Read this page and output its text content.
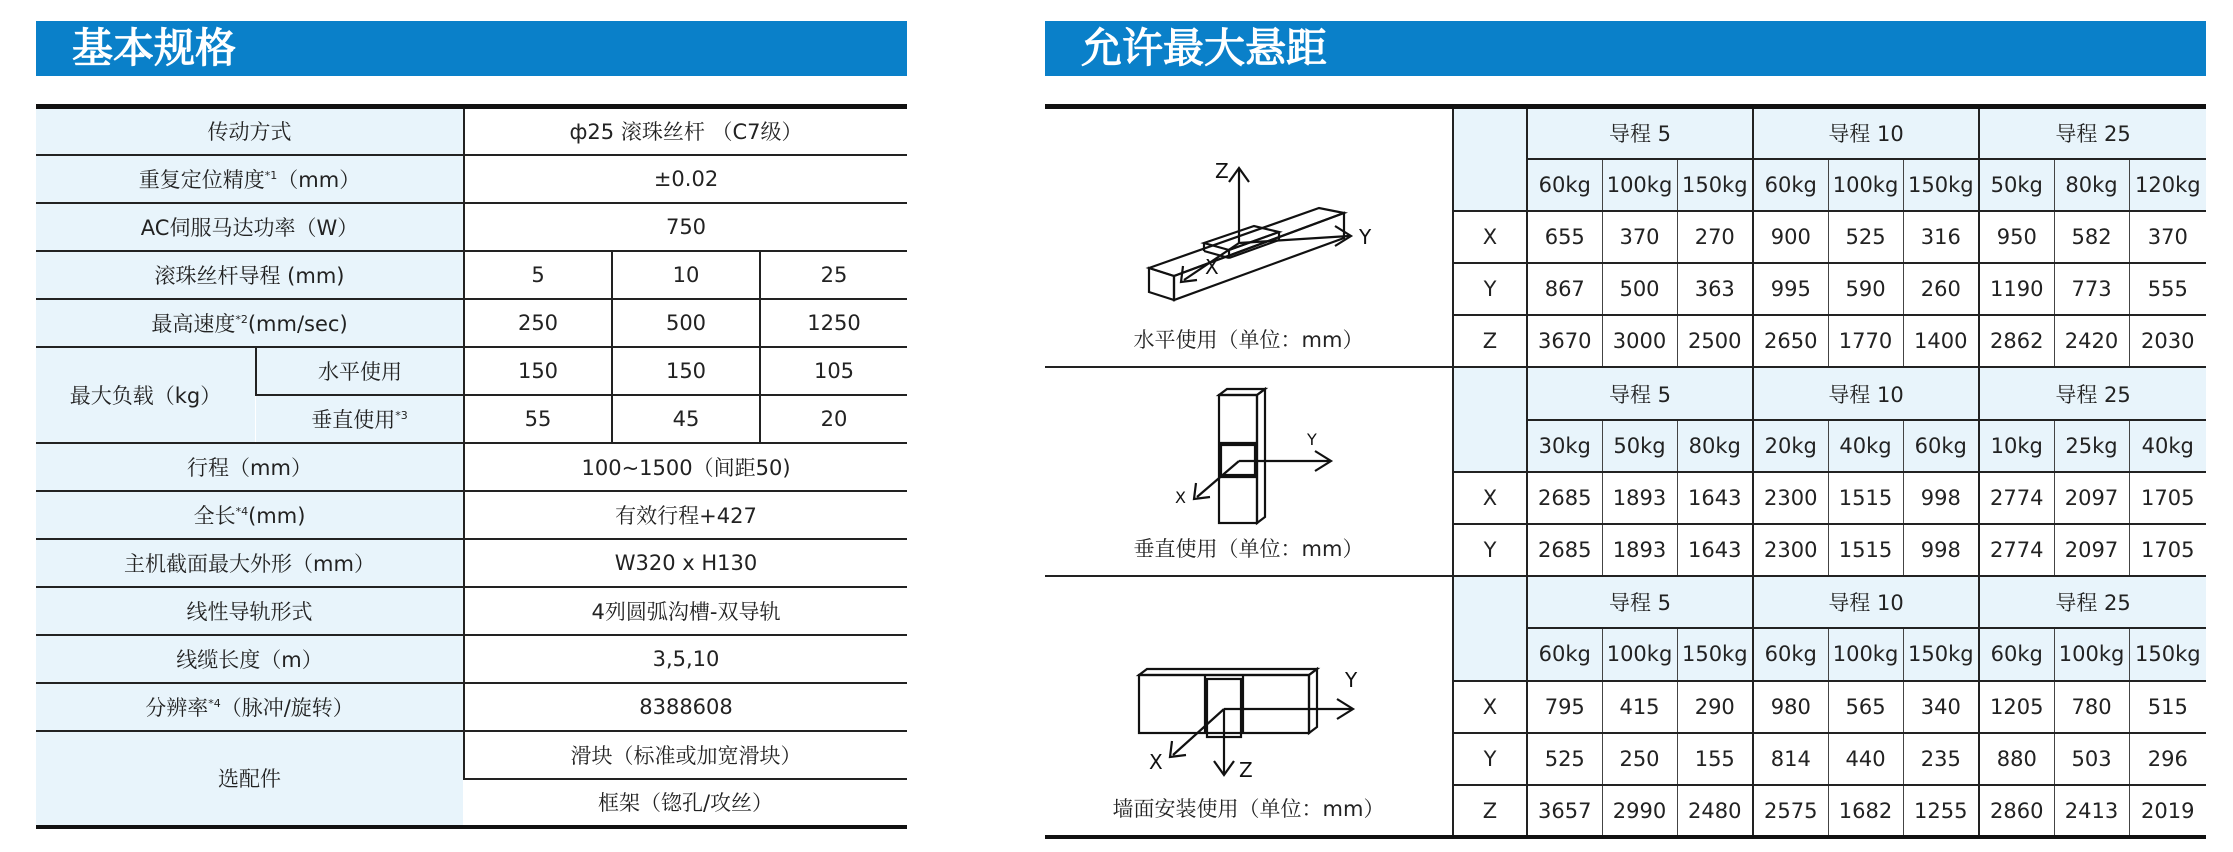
基本规格
传动方式		ф25 滚珠丝杆 （C7级）		
重复定位精度$^{*1}$（mm）		±0.02		
AC伺服马达功率（W）		750		
滚珠丝杆导程 (mm)		5	10	25
最高速度$^{*2}$(mm/sec)		250	500	1250
最大负载（kg）	水平使用	150	150	105
	垂直使用$^{*3}$	55	45	20
行程（mm）		100~1500（间距50)		
全长$^{*4}$(mm)		有效行程+427		
主机截面最大外形（mm）		W320 x H130		
线性导轨形式		4列圆弧沟槽-双导轨		
线缆长度（m）		3,5,10		
分辨率$^{*4}$（脉冲/旋转）		8388608		
选配件		滑块（标准或加宽滑块）		
		框架（锪孔/攻丝）		
允许最大悬距
Z
Y
X
水平使用（单位：mm）		导程 5			导程 10			导程 25		
		60kg	100kg	150kg	60kg	100kg	150kg	50kg	80kg	120kg
	X	655	370	270	900	525	316	950	582	370
	Y	867	500	363	995	590	260	1190	773	555
	Z	3670	3000	2500	2650	1770	1400	2862	2420	2030

Y
X
垂直使用（单位：mm）		导程 5			导程 10			导程 25		
		30kg	50kg	80kg	20kg	40kg	60kg	10kg	25kg	40kg
	X	2685	1893	1643	2300	1515	998	2774	2097	1705
	Y	2685	1893	1643	2300	1515	998	2774	2097	1705

Y
X Z
墙面安装使用（单位：mm）		导程 5			导程 10			导程 25		
		60kg	100kg	150kg	60kg	100kg	150kg	60kg	100kg	150kg
	X	795	415	290	980	565	340	1205	780	515
	Y	525	250	155	814	440	235	880	503	296
	Z	3657	2990	2480	2575	1682	1255	2860	2413	2019
